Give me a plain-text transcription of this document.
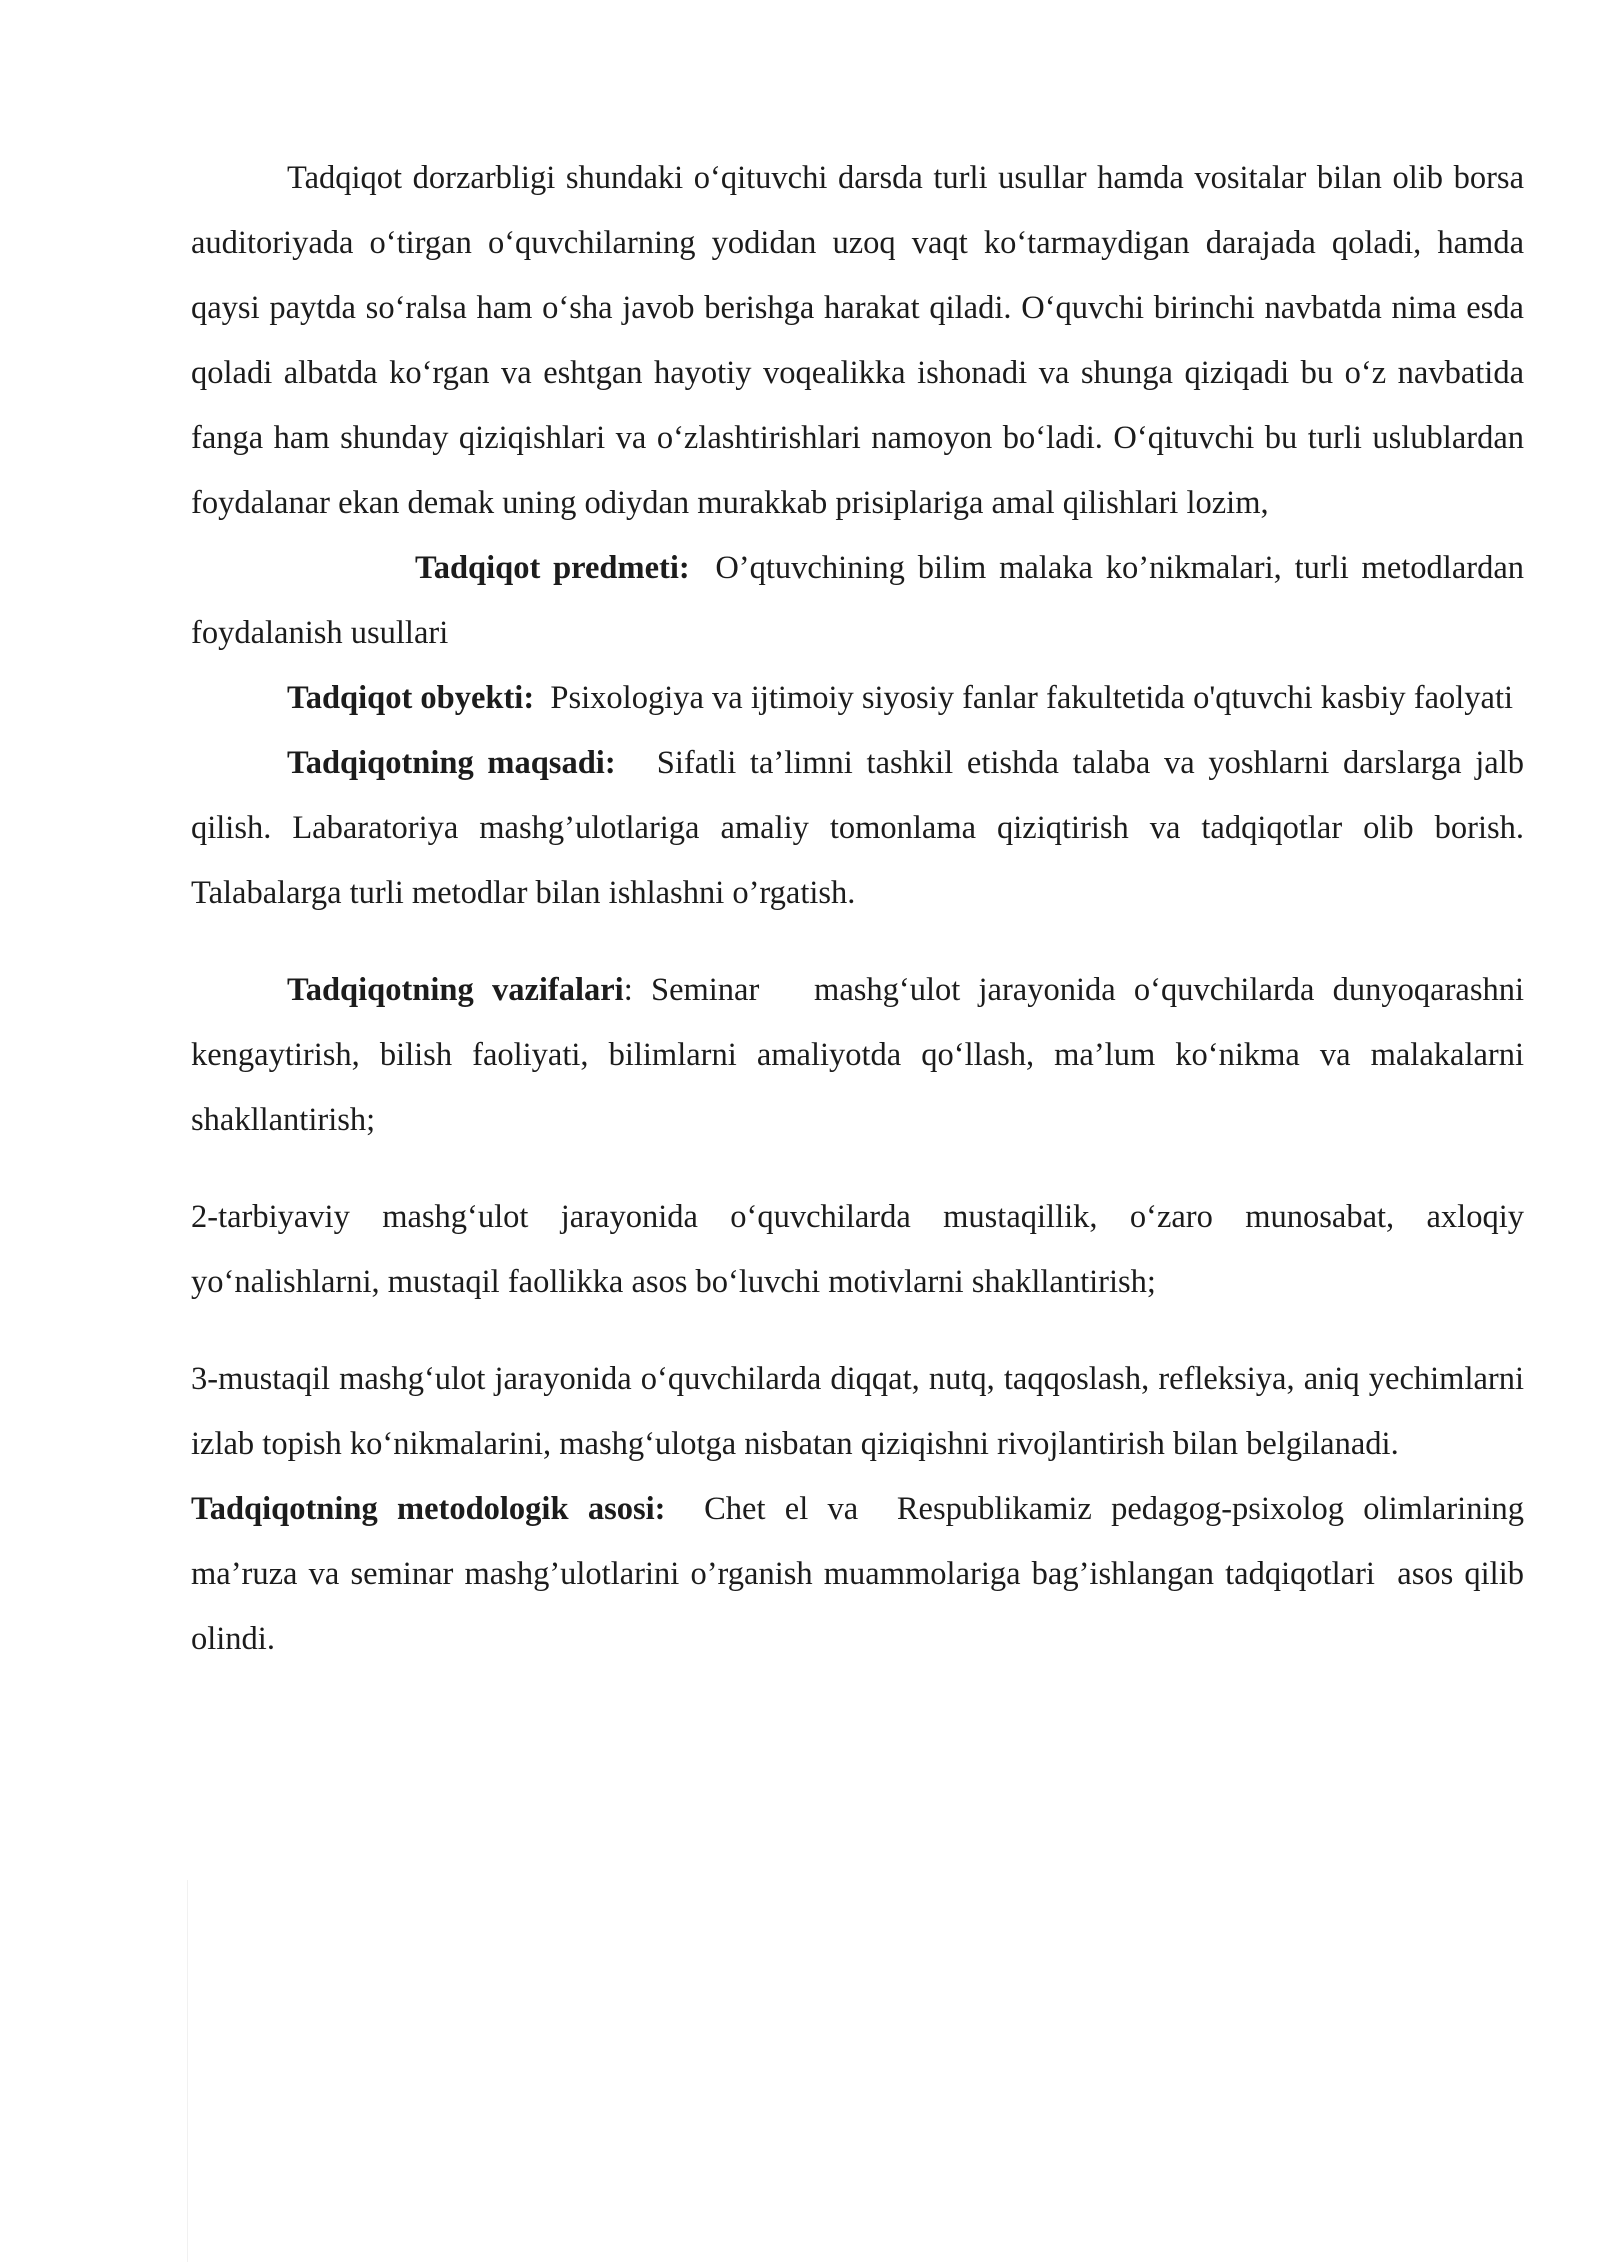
Tadqiqot dorzarbligi shundaki o‘qituvchi darsda turli usullar hamda vositalar bilan olib borsa auditoriyada o‘tirgan o‘quvchilarning yodidan uzoq vaqt ko‘tarmaydigan darajada qoladi, hamda qaysi paytda so‘ralsa ham o‘sha javob berishga harakat qiladi. O‘quvchi birinchi navbatda nima esda qoladi albatda ko‘rgan va eshtgan hayotiy voqealikka ishonadi va shunga qiziqadi bu o‘z navbatida fanga ham shunday qiziqishlari va o‘zlashtirishlari namoyon bo‘ladi. O‘qituvchi bu turli uslublardan foydalanar ekan demak uning odiydan murakkab prisiplariga amal qilishlari lozim,

Tadqiqot predmeti:  O’qtuvchining bilim malaka ko’nikmalari, turli metodlardan foydalanish usullari

Tadqiqot obyekti:  Psixologiya va ijtimoiy siyosiy fanlar fakultetida o'qtuvchi kasbiy faolyati

Tadqiqotning maqsadi:   Sifatli ta’limni tashkil etishda talaba va yoshlarni darslarga jalb qilish. Labaratoriya mashg’ulotlariga amaliy tomonlama qiziqtirish va tadqiqotlar olib borish. Talabalarga turli metodlar bilan ishlashni o’rgatish.

Tadqiqotning vazifalari: Seminar   mashg‘ulot jarayonida o‘quvchilarda dunyoqarashni kengaytirish, bilish faoliyati, bilimlarni amaliyotda qo‘llash, ma’lum ko‘nikma va malakalarni shakllantirish;

2-tarbiyaviy mashg‘ulot jarayonida o‘quvchilarda mustaqillik, o‘zaro munosabat, axloqiy yo‘nalishlarni, mustaqil faollikka asos bo‘luvchi motivlarni shakllantirish;

3-mustaqil mashg‘ulot jarayonida o‘quvchilarda diqqat, nutq, taqqoslash, refleksiya, aniq yechimlarni izlab topish ko‘nikmalarini, mashg‘ulotga nisbatan qiziqishni rivojlantirish bilan belgilanadi.

Tadqiqotning metodologik asosi:  Chet el va  Respublikamiz pedagog-psixolog olimlarining ma’ruza va seminar mashg’ulotlarini o’rganish muammolariga bag’ishlangan tadqiqotlari  asos qilib olindi.
